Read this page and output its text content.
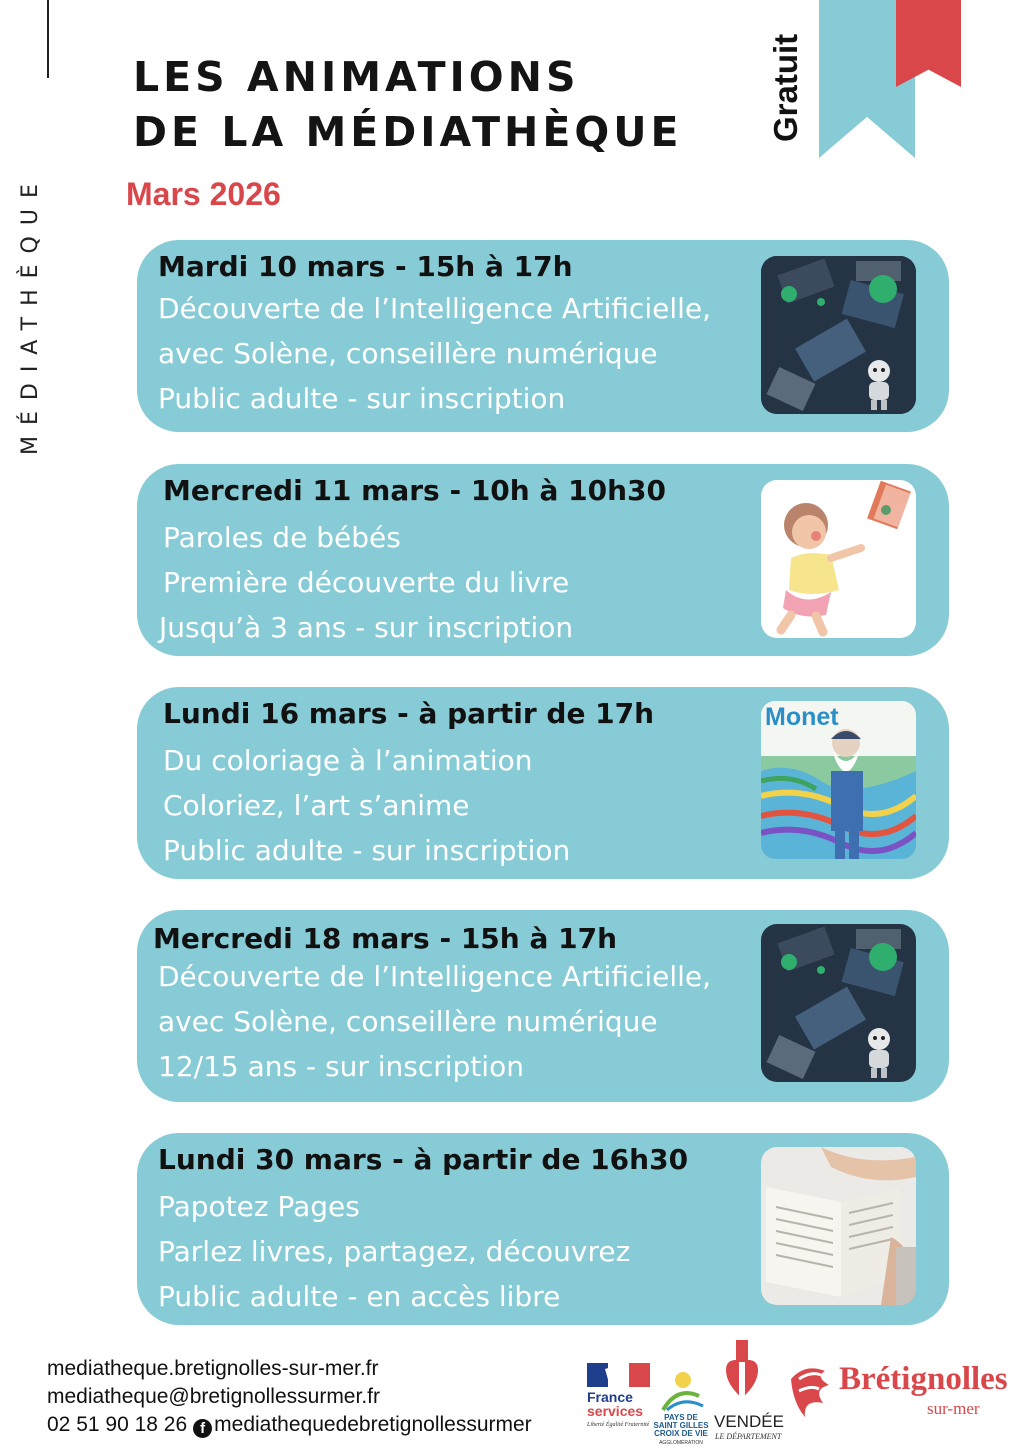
MÉDIATHÈQUE
LES ANIMATIONS
DE LA MÉDIATHÈQUE
Mars 2026
Gratuit
Mardi 10 mars - 15h à 17h
Découverte de l’Intelligence Artificielle,
avec Solène, conseillère numérique
Public adulte - sur inscription
Mercredi 11 mars - 10h à 10h30
Paroles de bébés
Première découverte du livre
Jusqu’à 3 ans - sur inscription
Lundi 16 mars - à partir de 17h
Du coloriage à l’animation
Coloriez, l’art s’anime
Public adulte - sur inscription
Monet
Mercredi 18 mars - 15h à 17h
Découverte de l’Intelligence Artificielle,
avec Solène, conseillère numérique
12/15 ans - sur inscription
Lundi 30 mars - à partir de 16h30
Papotez Pages
Parlez livres, partagez, découvrez
Public adulte - en accès libre
mediatheque.bretignolles-sur-mer.fr
mediatheque@bretignollessurmer.fr
02 51 90 18 26 f mediathequedebretignollessurmer
France
services
Liberté Égalité Fraternité
PAYS DE
SAINT GILLES
CROIX DE VIE
AGGLOMÉRATION
VENDÉE
LE DÉPARTEMENT
Brétignolles
sur-mer
